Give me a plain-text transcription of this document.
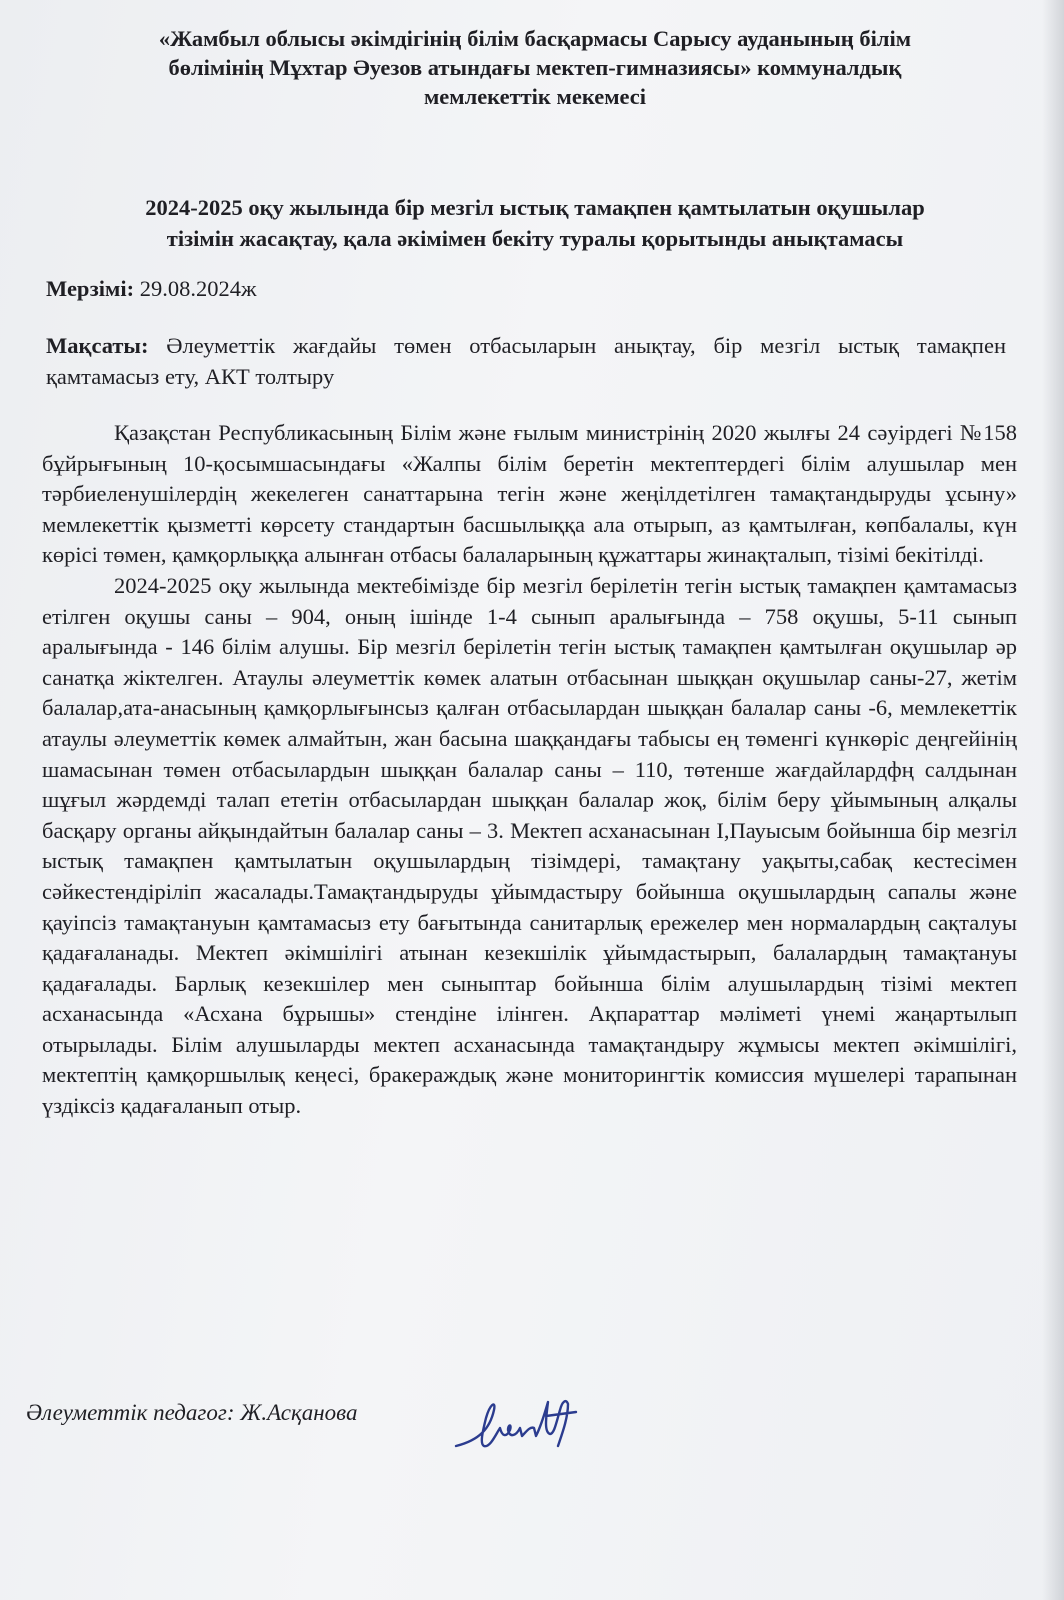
«Жамбыл облысы әкімдігінің білім басқармасы Сарысу ауданының білім
бөлімінің Мұхтар Әуезов атындағы мектеп-гимназиясы» коммуналдық
мемлекеттік мекемесі
2024-2025 оқу жылында бір мезгіл ыстық тамақпен қамтылатын оқушылар
тізімін жасақтау, қала әкімімен бекіту туралы қорытынды анықтамасы
Мерзімі: 29.08.2024ж
Мақсаты: Әлеуметтік жағдайы төмен отбасыларын анықтау, бір мезгіл ыстық тамақпен қамтамасыз ету, АКТ толтыру

Қазақстан Республикасының Білім және ғылым министрінің 2020 жылғы 24 сәуірдегі №158 бұйрығының 10-қосымшасындағы «Жалпы білім беретін мектептердегі білім алушылар мен тәрбиеленушілердің жекелеген санаттарына тегін және жеңілдетілген тамақтандыруды ұсыну» мемлекеттік қызметті көрсету стандартын басшылыққа ала отырып, аз қамтылған, көпбалалы, күн көрісі төмен, қамқорлыққа алынған отбасы балаларының құжаттары жинақталып, тізімі бекітілді.

2024-2025 оқу жылында мектебімізде бір мезгіл берілетін тегін ыстық тамақпен қамтамасыз етілген оқушы саны – 904, оның ішінде 1-4 сынып аралығында – 758 оқушы, 5-11 сынып аралығында - 146 білім алушы. Бір мезгіл берілетін тегін ыстық тамақпен қамтылған оқушылар әр санатқа жіктелген. Атаулы әлеуметтік көмек алатын отбасынан шыққан оқушылар саны-27, жетім балалар,ата-анасының қамқорлығынсыз қалған отбасылардан шыққан балалар саны -6, мемлекеттік атаулы әлеуметтік көмек алмайтын, жан басына шаққандағы табысы ең төменгі күнкөріс деңгейінің шамасынан төмен отбасылардын шыққан балалар саны – 110, төтенше жағдайлардфң салдынан шұғыл жәрдемді талап ететін отбасылардан шыққан балалар жоқ, білім беру ұйымының алқалы басқару органы айқындайтын балалар саны – 3. Мектеп асханасынан І,Пауысым бойынша бір мезгіл ыстық тамақпен қамтылатын оқушылардың тізімдері, тамақтану уақыты,сабақ кестесімен сәйкестендіріліп жасалады.Тамақтандыруды ұйымдастыру бойынша оқушылардың сапалы және қауіпсіз тамақтануын қамтамасыз ету бағытында санитарлық ережелер мен нормалардың сақталуы қадағаланады. Мектеп әкімшілігі атынан кезекшілік ұйымдастырып, балалардың тамақтануы қадағалады. Барлық кезекшілер мен сыныптар бойынша білім алушылардың тізімі мектеп асханасында «Асхана бұрышы» стендіне ілінген. Ақпараттар мәліметі үнемі жаңартылып отырылады. Білім алушыларды мектеп асханасында тамақтандыру жұмысы мектеп әкімшілігі, мектептің қамқоршылық кеңесі, бракераждық және мониторингтік комиссия мүшелері тарапынан үздіксіз қадағаланып отыр.

Әлеуметтік педагог: Ж.Асқанова
